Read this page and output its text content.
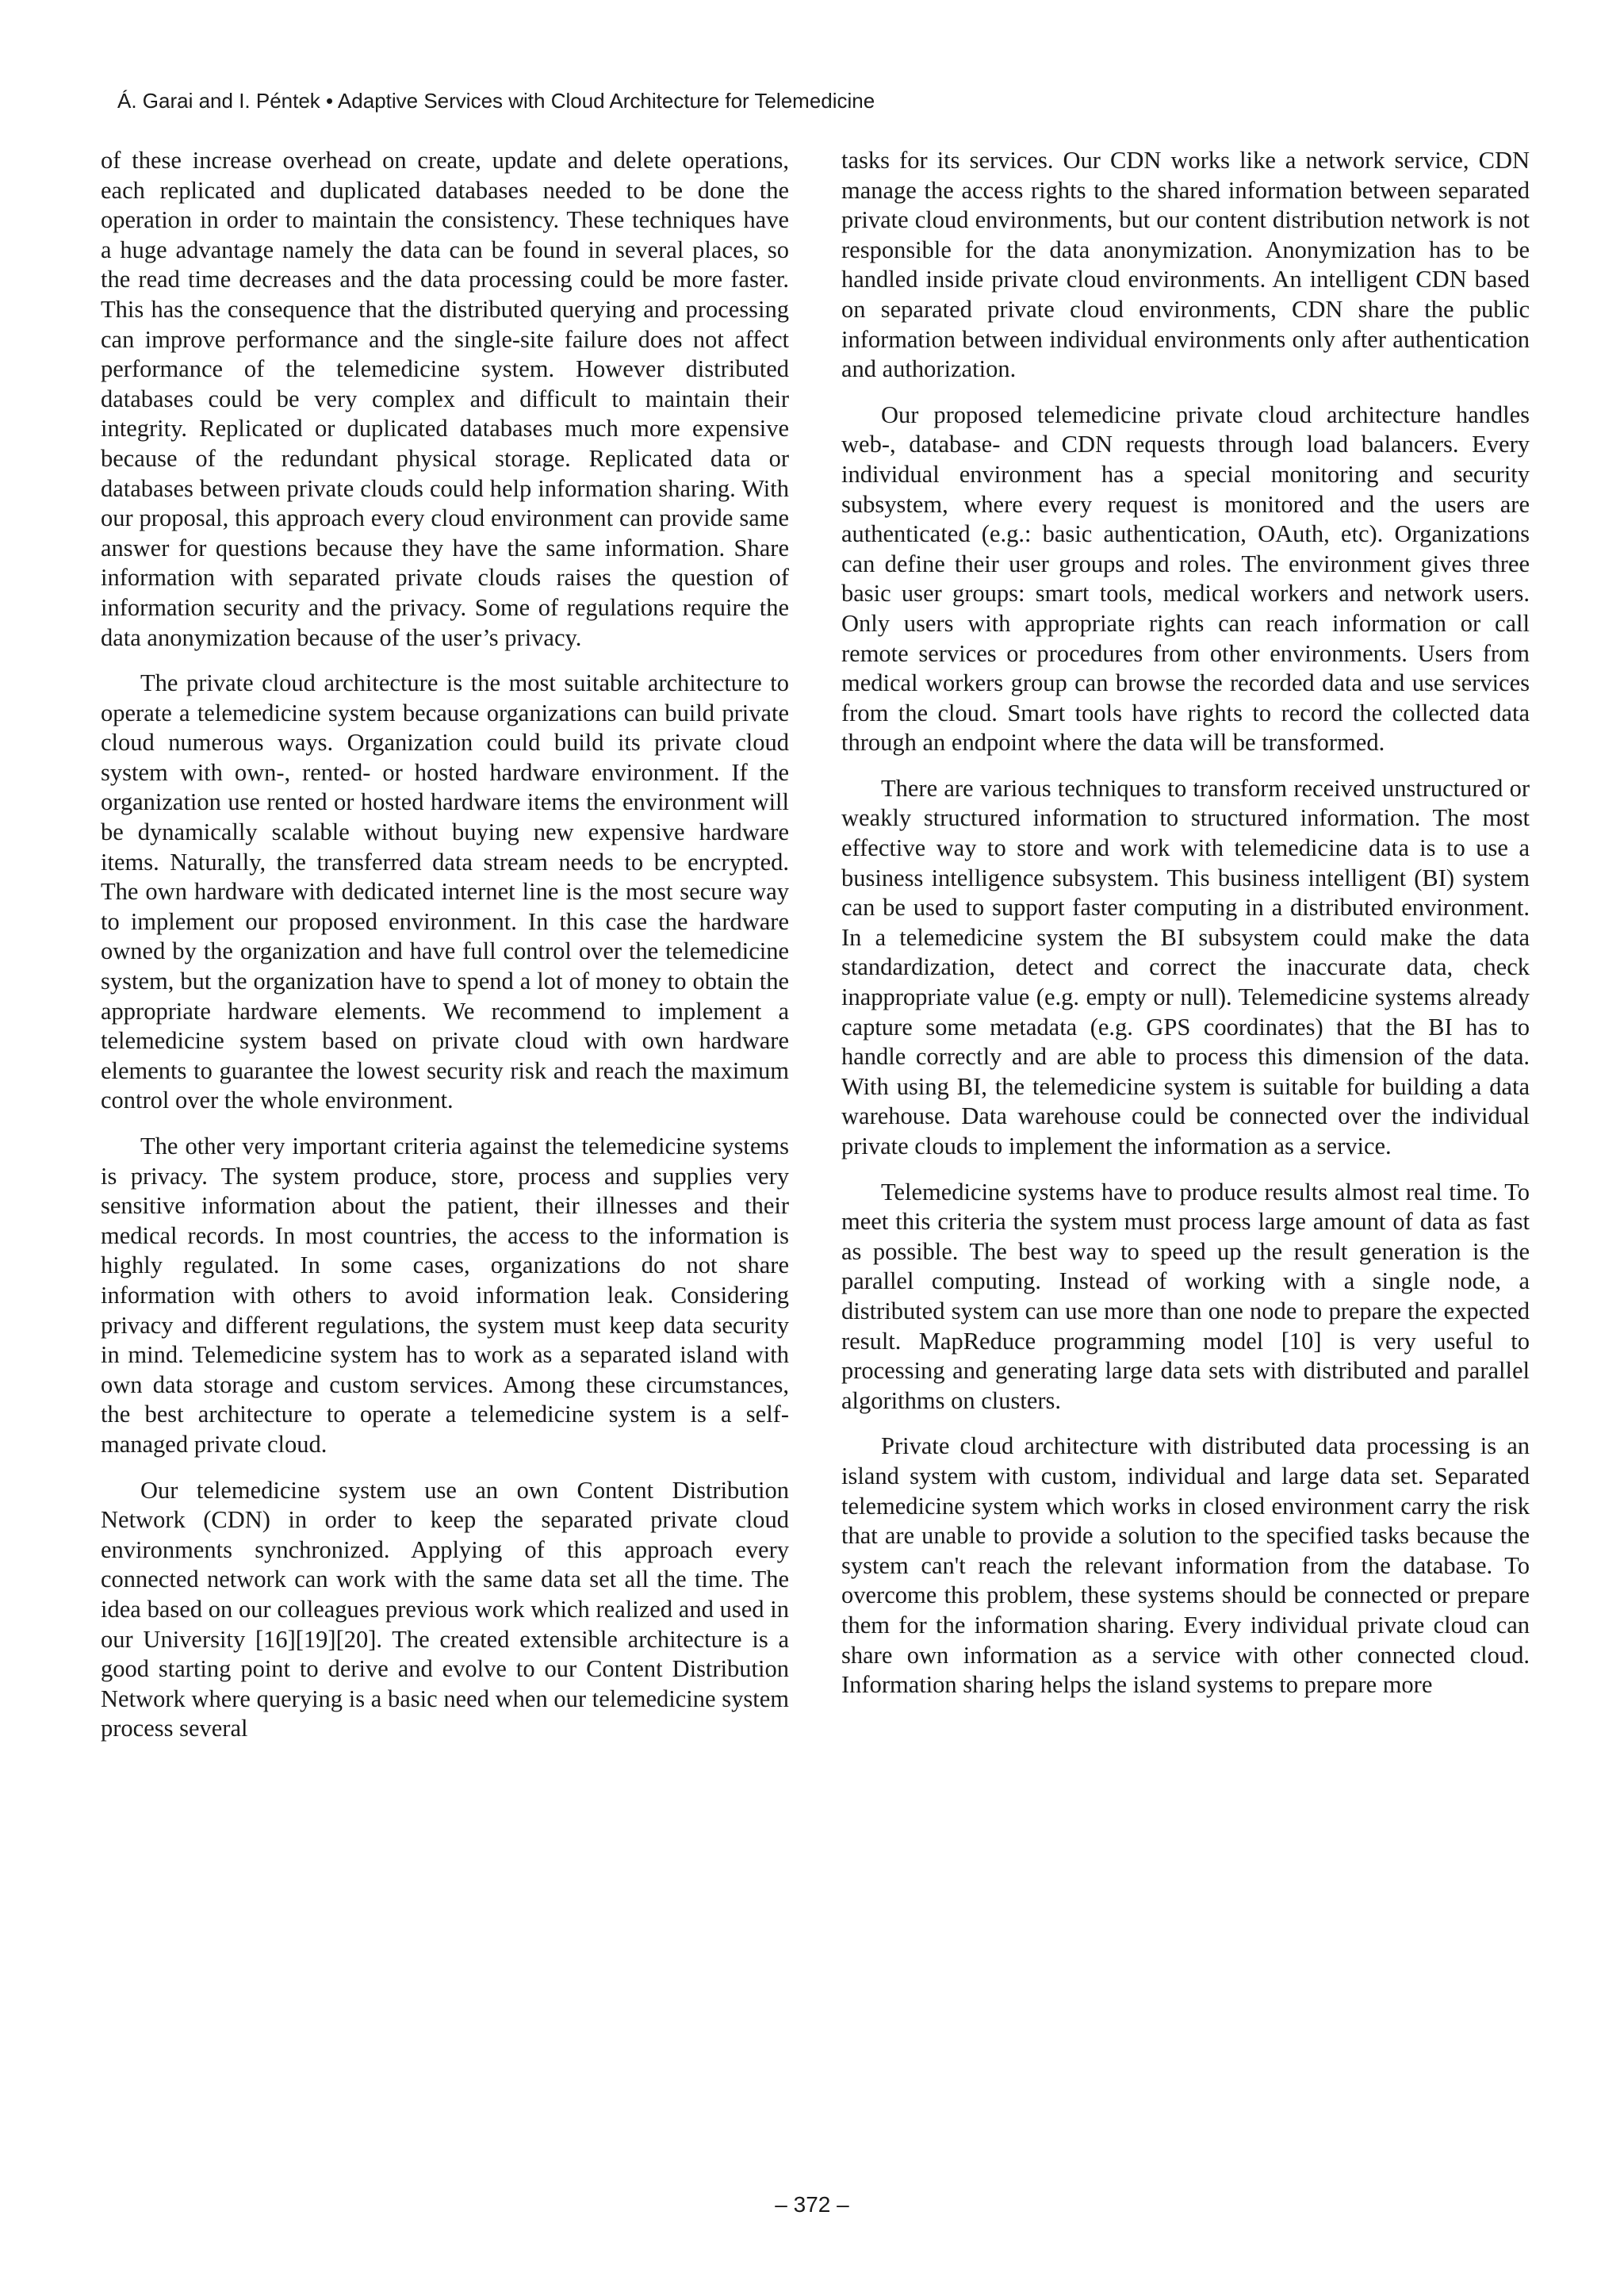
Á. Garai and I. Péntek • Adaptive Services with Cloud Architecture for Telemedicine

of these increase overhead on create, update and delete operations, each replicated and duplicated databases needed to be done the operation in order to maintain the consistency. These techniques have a huge advantage namely the data can be found in several places, so the read time decreases and the data processing could be more faster. This has the consequence that the distributed querying and processing can improve performance and the single-site failure does not affect performance of the telemedicine system. However distributed databases could be very complex and difficult to maintain their integrity. Replicated or duplicated databases much more expensive because of the redundant physical storage. Replicated data or databases between private clouds could help information sharing. With our proposal, this approach every cloud environment can provide same answer for questions because they have the same information. Share information with separated private clouds raises the question of information security and the privacy. Some of regulations require the data anonymization because of the user’s privacy.

The private cloud architecture is the most suitable architecture to operate a telemedicine system because organizations can build private cloud numerous ways. Organization could build its private cloud system with own-, rented- or hosted hardware environment. If the organization use rented or hosted hardware items the environment will be dynamically scalable without buying new expensive hardware items. Naturally, the transferred data stream needs to be encrypted. The own hardware with dedicated internet line is the most secure way to implement our proposed environment. In this case the hardware owned by the organization and have full control over the telemedicine system, but the organization have to spend a lot of money to obtain the appropriate hardware elements. We recommend to implement a telemedicine system based on private cloud with own hardware elements to guarantee the lowest security risk and reach the maximum control over the whole environment.

The other very important criteria against the telemedicine systems is privacy. The system produce, store, process and supplies very sensitive information about the patient, their illnesses and their medical records. In most countries, the access to the information is highly regulated. In some cases, organizations do not share information with others to avoid information leak. Considering privacy and different regulations, the system must keep data security in mind. Telemedicine system has to work as a separated island with own data storage and custom services. Among these circumstances, the best architecture to operate a telemedicine system is a self-managed private cloud.

Our telemedicine system use an own Content Distribution Network (CDN) in order to keep the separated private cloud environments synchronized. Applying of this approach every connected network can work with the same data set all the time. The idea based on our colleagues previous work which realized and used in our University [16][19][20]. The created extensible architecture is a good starting point to derive and evolve to our Content Distribution Network where querying is a basic need when our telemedicine system process several

tasks for its services. Our CDN works like a network service, CDN manage the access rights to the shared information between separated private cloud environments, but our content distribution network is not responsible for the data anonymization. Anonymization has to be handled inside private cloud environments. An intelligent CDN based on separated private cloud environments, CDN share the public information between individual environments only after authentication and authorization.

Our proposed telemedicine private cloud architecture handles web-, database- and CDN requests through load balancers. Every individual environment has a special monitoring and security subsystem, where every request is monitored and the users are authenticated (e.g.: basic authentication, OAuth, etc). Organizations can define their user groups and roles. The environment gives three basic user groups: smart tools, medical workers and network users. Only users with appropriate rights can reach information or call remote services or procedures from other environments. Users from medical workers group can browse the recorded data and use services from the cloud. Smart tools have rights to record the collected data through an endpoint where the data will be transformed.

There are various techniques to transform received unstructured or weakly structured information to structured information. The most effective way to store and work with telemedicine data is to use a business intelligence subsystem. This business intelligent (BI) system can be used to support faster computing in a distributed environment. In a telemedicine system the BI subsystem could make the data standardization, detect and correct the inaccurate data, check inappropriate value (e.g. empty or null). Telemedicine systems already capture some metadata (e.g. GPS coordinates) that the BI has to handle correctly and are able to process this dimension of the data. With using BI, the telemedicine system is suitable for building a data warehouse. Data warehouse could be connected over the individual private clouds to implement the information as a service.

Telemedicine systems have to produce results almost real time. To meet this criteria the system must process large amount of data as fast as possible. The best way to speed up the result generation is the parallel computing. Instead of working with a single node, a distributed system can use more than one node to prepare the expected result. MapReduce programming model [10] is very useful to processing and generating large data sets with distributed and parallel algorithms on clusters.

Private cloud architecture with distributed data processing is an island system with custom, individual and large data set. Separated telemedicine system which works in closed environment carry the risk that are unable to provide a solution to the specified tasks because the system can't reach the relevant information from the database. To overcome this problem, these systems should be connected or prepare them for the information sharing. Every individual private cloud can share own information as a service with other connected cloud. Information sharing helps the island systems to prepare more

– 372 –
